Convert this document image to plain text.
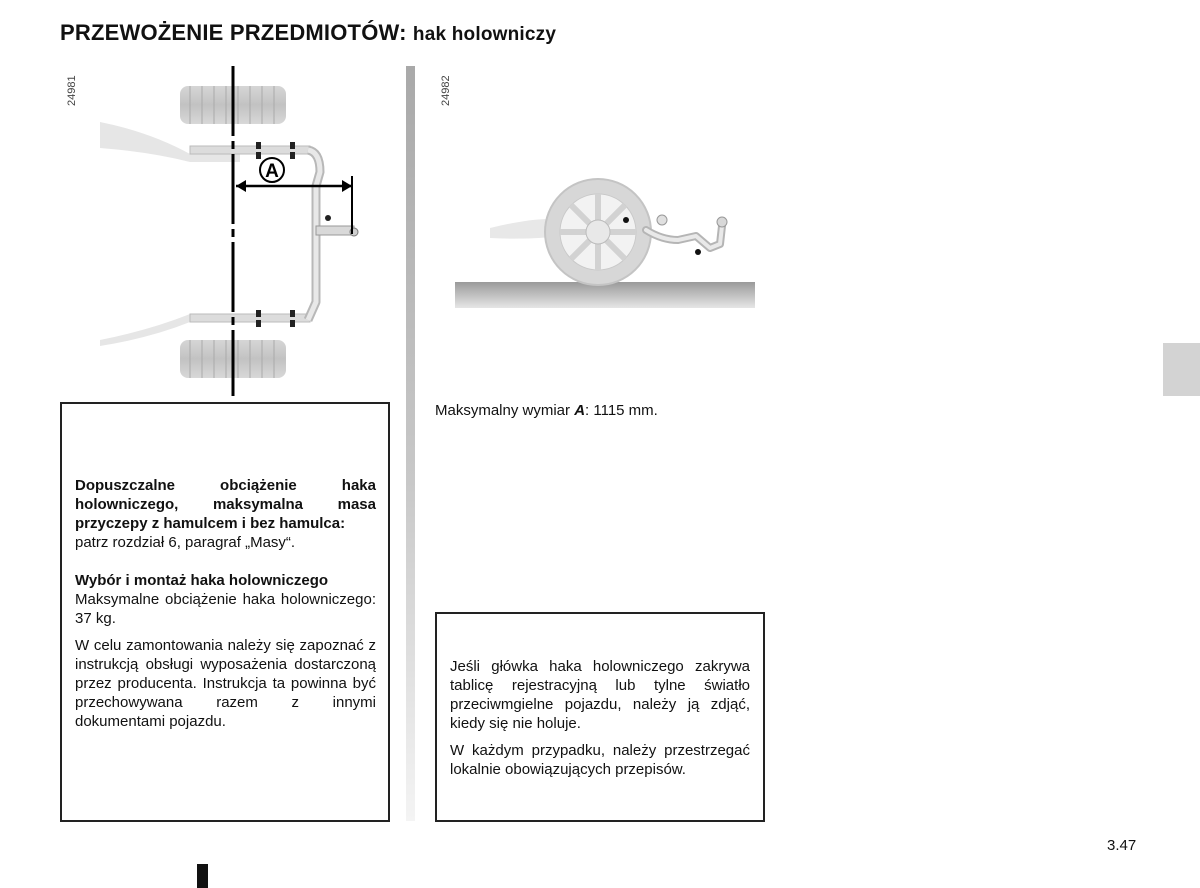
PRZEWOŻENIE PRZEDMIOTÓW: hak holowniczy
24981	24982
A

Dopuszczalne obciążenie haka holowniczego, maksymalna masa przyczepy z hamulcem i bez hamulca:
patrz rozdział 6, paragraf „Masy“.

Wybór i montaż haka holowniczego

Maksymalne obciążenie haka holowniczego: 37 kg.

W celu zamontowania należy się zapoznać z instrukcją obsługi wyposażenia dostarczoną przez producenta. Instrukcja ta powinna być przechowywana razem z innymi dokumentami pojazdu.

Maksymalny wymiar A: 1115 mm.

Jeśli główka haka holowniczego zakrywa tablicę rejestracyjną lub tylne światło przeciwmgielne pojazdu, należy ją zdjąć, kiedy się nie holuje.

W każdym przypadku, należy przestrzegać lokalnie obowiązujących przepisów.

3.47
